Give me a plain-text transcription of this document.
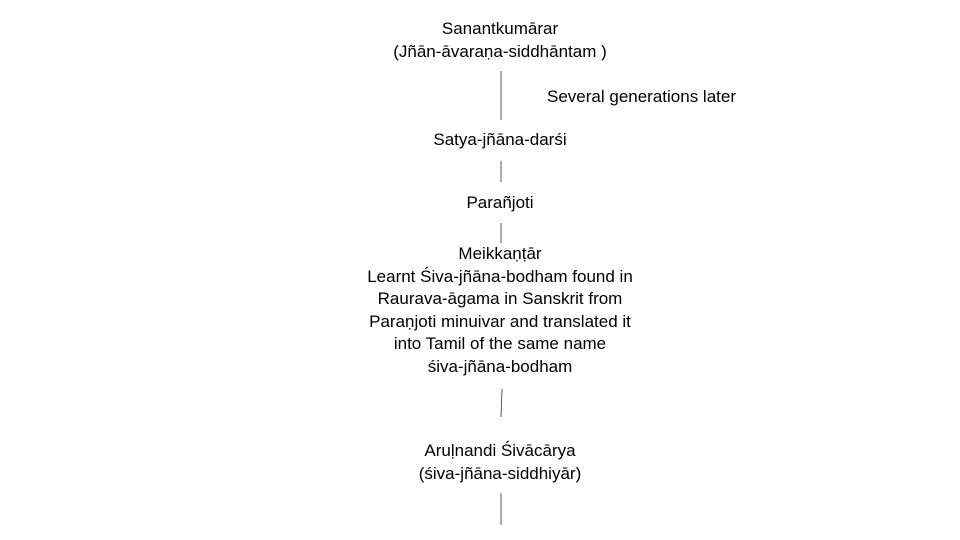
Sanantkumārar
(Jñān-āvaraṇa-siddhāntam )
Several generations later
Satya-jñāna-darśi
Parañjoti
Meikkaṇṭār
Learnt Śiva-jñāna-bodham found in
Raurava-āgama in Sanskrit from
Paraṇjoti minuivar and translated it
into Tamil of the same name
śiva-jñāna-bodham
Aruḷnandi Śivācārya
(śiva-jñāna-siddhiyār)
